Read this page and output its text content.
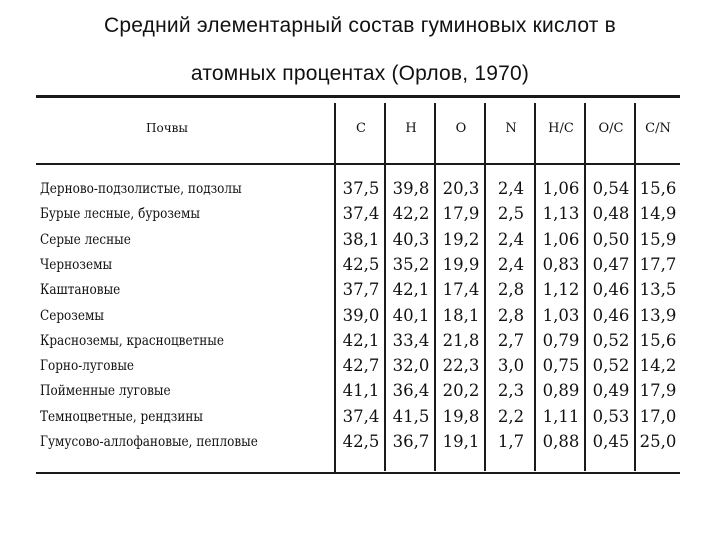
Средний элементарный состав гуминовых кислот в
атомных процентах (Орлов, 1970)
Почвы	C	H	O	N	H/C	O/C	C/N
Дерново-подзолистые, подзолы	37,5 39,8 20,3	2,4	1,06 0,54 15,6
Бурые лесные, буроземы	37,4 42,2 17,9	2,5	1,13 0,48 14,9
Серые лесные	38,1 40,3 19,2	2,4	1,06 0,50 15,9
Черноземы	42,5 35,2 19,9	2,4	0,83 0,47 17,7
Каштановые	37,7 42,1 17,4	2,8	1,12 0,46 13,5
Сероземы	39,0 40,1 18,1	2,8	1,03 0,46 13,9
Красноземы, красноцветные	42,1 33,4 21,8	2,7	0,79 0,52 15,6
Горно-луговые	42,7 32,0 22,3	3,0	0,75 0,52 14,2
Пойменные луговые	41,1 36,4 20,2	2,3	0,89 0,49 17,9
Темноцветные, рендзины	37,4 41,5 19,8	2,2	1,11 0,53 17,0
Гумусово-аллофановые, пепловые	42,5 36,7 19,1	1,7	0,88 0,45 25,0
